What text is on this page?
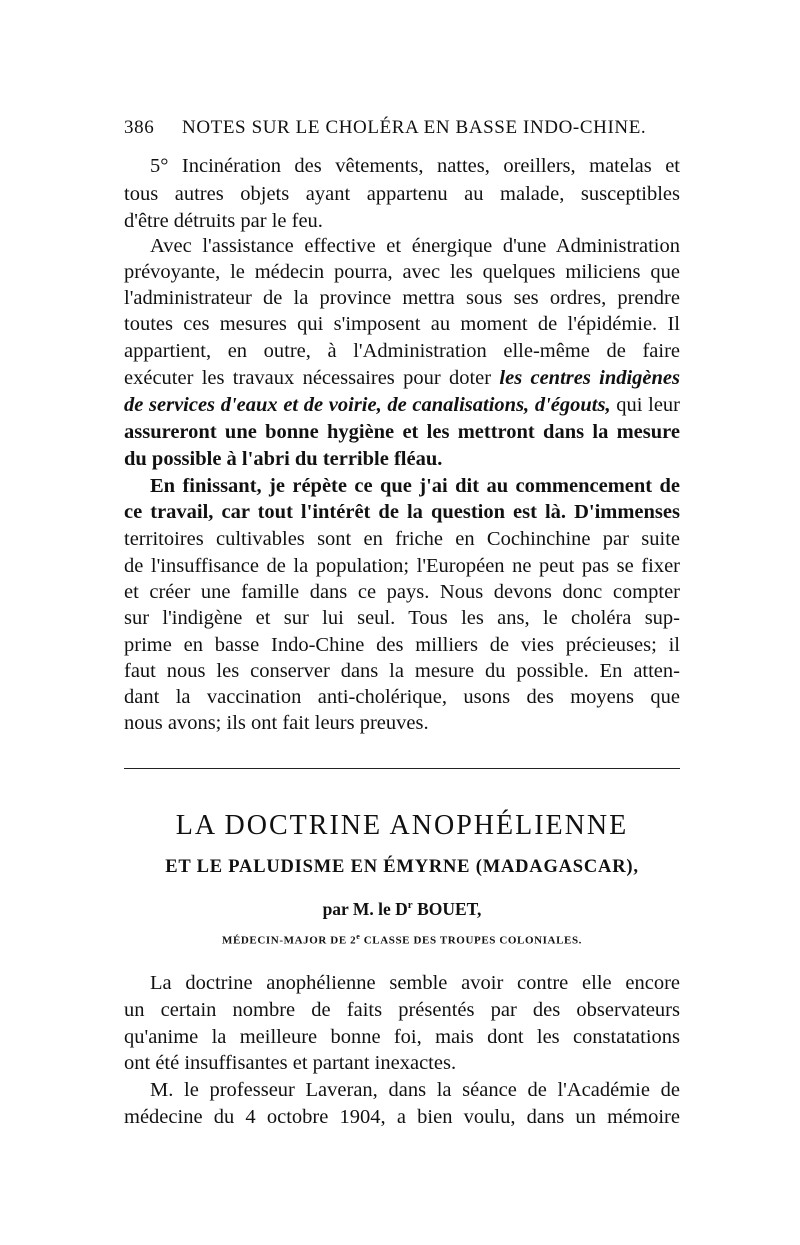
386 NOTES SUR LE CHOLÉRA EN BASSE INDO-CHINE.
5° Incinération des vêtements, nattes, oreillers, matelas et
tous autres objets ayant appartenu au malade, susceptibles
d'être détruits par le feu.
Avec l'assistance effective et énergique d'une Administration
prévoyante, le médecin pourra, avec les quelques miliciens que
l'administrateur de la province mettra sous ses ordres, prendre
toutes ces mesures qui s'imposent au moment de l'épidémie. Il
appartient, en outre, à l'Administration elle-même de faire
exécuter les travaux nécessaires pour doter les centres indigènes
de services d'eaux et de voirie, de canalisations, d'égouts, qui leur
assureront une bonne hygiène et les mettront dans la mesure
du possible à l'abri du terrible fléau.
En finissant, je répète ce que j'ai dit au commencement de
ce travail, car tout l'intérêt de la question est là. D'immenses
territoires cultivables sont en friche en Cochinchine par suite
de l'insuffisance de la population; l'Européen ne peut pas se fixer
et créer une famille dans ce pays. Nous devons donc compter
sur l'indigène et sur lui seul. Tous les ans, le choléra sup-
prime en basse Indo-Chine des milliers de vies précieuses; il
faut nous les conserver dans la mesure du possible. En atten-
dant la vaccination anti-cholérique, usons des moyens que
nous avons; ils ont fait leurs preuves.
LA DOCTRINE ANOPHÉLIENNE
ET LE PALUDISME EN ÉMYRNE (MADAGASCAR),
par M. le $D^r$ BOUET,
MÉDECIN-MAJOR DE 2e CLASSE DES TROUPES COLONIALES.
La doctrine anophélienne semble avoir contre elle encore
un certain nombre de faits présentés par des observateurs
qu'anime la meilleure bonne foi, mais dont les constatations
ont été insuffisantes et partant inexactes.
M. le professeur Laveran, dans la séance de l'Académie de
médecine du 4 octobre 1904, a bien voulu, dans un mémoire
